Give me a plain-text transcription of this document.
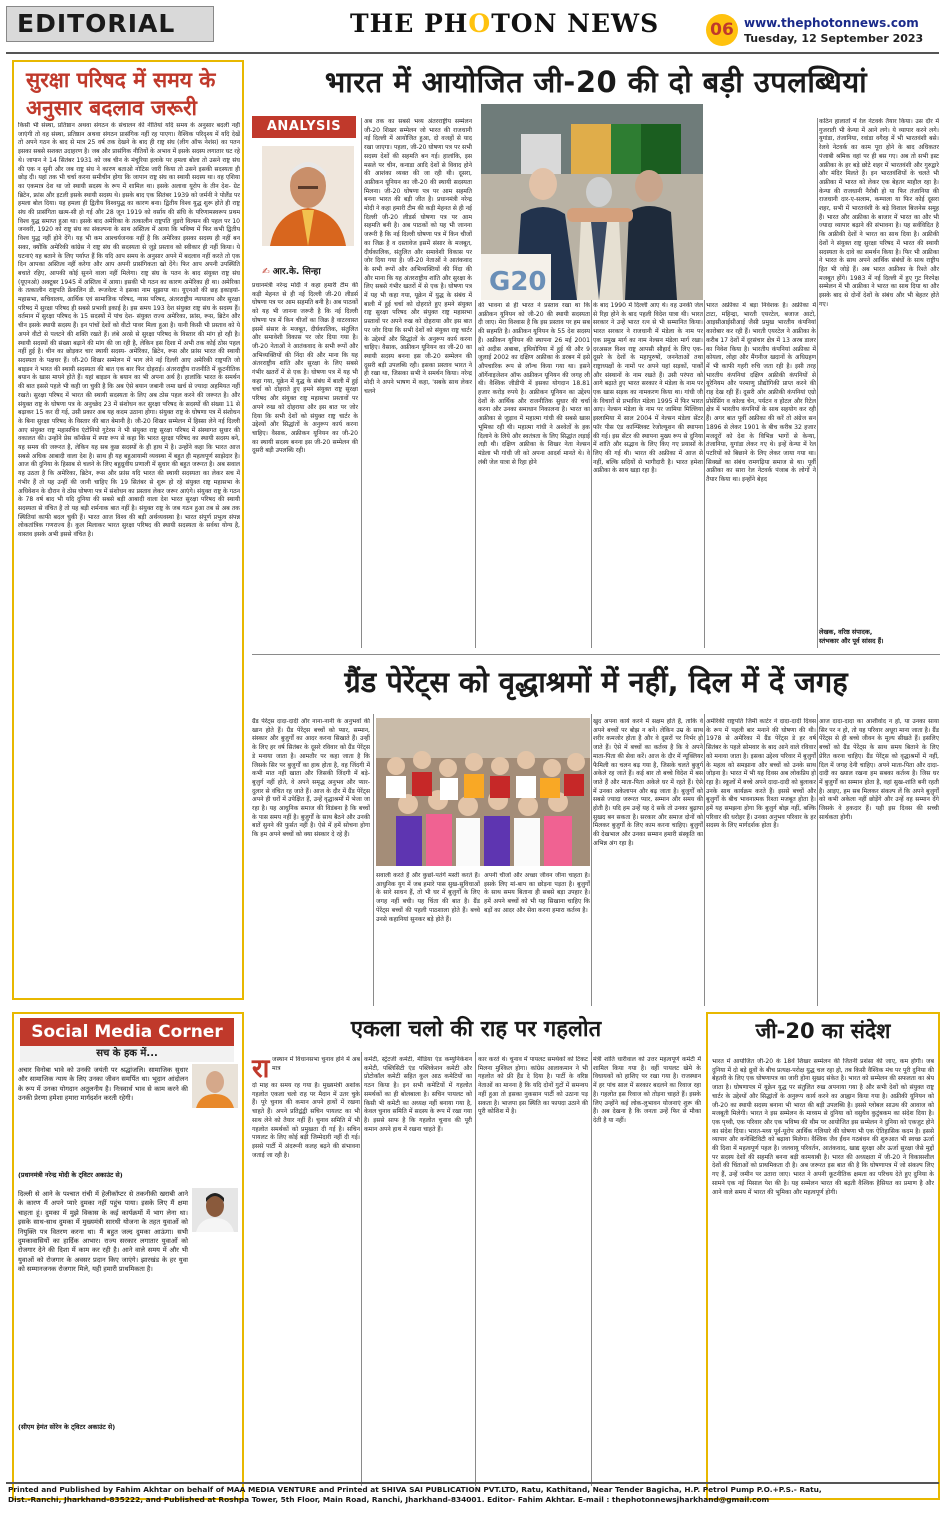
EDITORIAL	THE PHOTON NEWS	06 www.thephotonnews.com
Tuesday, 12 September 2023
सुरक्षा परिषद में समय के अनुसार बदलाव जरूरी
किसी भी संस्था, प्रतिष्ठान अथवा संगठन के संचालन की नीतियां यदि समय के अनुसार बदली नहीं जाएंगी तो वह संस्था, प्रतिष्ठान अथवा संगठन प्रासंगिक नहीं रह पाएगा। वैश्विक परिदृश्य में यदि देखें तो अपने गठन के बाद से मात्र 25 वर्ष तक देखने के बाद ही राष्ट्र संघ (लीग ऑफ नेशंस) का पतन इसका सबसे सशक्त उदाहरण है। जब और प्रासंगिक नीतियों के अभाव में इसके सदस्य लगातार घट रहे थे। जापान ने 14 सितंबर 1931 को जब चीन के मंचूरिया इलाके पर हमला बोला तो उसने राष्ट्र संघ की एक न सुनी और जब राष्ट्र संघ ने कारण बताओ नोटिस जारी किया तो उसने इसकी सदस्यता ही छोड़ दी। यहां तक भी चर्चा करना समीचीन होगा कि जापान राष्ट्र संघ का स्थायी सदस्य था। वह एशिया का एकमात्र देश था जो स्थायी सदस्य के रूप में शामिल था। इसके अलावा यूरोप के तीन देश- ग्रेट ब्रिटेन, फ्रांस और इटली इसके स्थायी सदस्य थे। इसके बाद एक सितंबर 1939 को जर्मनी ने पोलैंड पर हमला बोल दिया। यह हमला ही द्वितीय विश्वयुद्ध का कारण बना। द्वितीय विश्व युद्ध शुरू होते ही राष्ट्र संघ की प्रासंगिता खत्म-सी हो गई और 28 जून 1919 को वर्साय की संधि के परिणामस्वरूप प्रथम विश्व युद्ध समाप्त हुआ था। इसके बाद अमेरिका के तत्कालीन राष्ट्रपति वुडरो विल्सन की पहल पर 10 जनवरी, 1920 को राष्ट्र संघ का संकल्पना के साथ अस्तित्व में आया कि भविष्य में फिर कभी द्वितीय विश्व युद्ध नहीं होने देंगे। यह भी कम आश्चर्यजनक नहीं है कि अमेरिका इसका सदस्य ही नहीं बन सका, क्योंकि अमेरिकी कांग्रेस ने राष्ट्र संघ की सदस्यता से जुड़े प्रस्ताव को स्वीकार ही नहीं किया। ये घटनाएं यह बताने के लिए पर्याप्त हैं कि यदि आप समय के अनुसार अपने में बदलाव नहीं करते तो एक दिन आपका अस्तित्व नहीं करेगा और आप अपनी प्रासंगिकता खो देंगे। फिर आप अपनी उपस्थिति बचाते रहिए, आपकी कोई सुनने वाला नहीं मिलेगा। राष्ट्र संघ के पतन के बाद संयुक्त राष्ट्र संघ (यूएनओ) अक्टूबर 1945 में अस्तित्व में आया। इसकी भी गठन का कारण अमेरिका ही था। अमेरिका के तत्कालीन राष्ट्रपति फ्रेंकलिन डी. रूजवेल्ट ने इसका नाम सुझाया था। यूएनओ की छह इकाइयां- महासभा, सचिवालय, आर्थिक एवं सामाजिक परिषद, न्यास परिषद, अंतरराष्ट्रीय न्यायालय और सुरक्षा परिषद में सुरक्षा परिषद ही सबसे प्रभावी इकाई है। इस समय 193 देश संयुक्त राष्ट्र संघ के सदस्य हैं। वर्तमान में सुरक्षा परिषद के 15 सदस्यों में पांच देश- संयुक्त राज्य अमेरिका, फ्रांस, रूस, ब्रिटेन और चीन इसके स्थायी सदस्य हैं। इन पांचों देशों को वीटो पावर मिला हुआ है। यानी किसी भी प्रस्ताव को ये अपने वीटो से पलटने की शक्ति रखते हैं। लंबे अरसे से सुरक्षा परिषद के विस्तार की मांग हो रही है। स्थायी सदस्यों की संख्या बढ़ाने की मांग की जा रही है, लेकिन इस दिशा में अभी तक कोई ठोस पहल नहीं हुई है। चीन का छोड़कर चार स्थायी सदस्य- अमेरिका, ब्रिटेन, रूस और फ्रांस भारत की स्थायी सदस्यता के पक्षधर हैं। जी-20 शिखर सम्मेलन में भाग लेने नई दिल्ली आए अमेरिकी राष्ट्रपति जो बाइडन ने भारत की स्थायी सदस्यता की बात एक बार फिर दोहराई। अंतरराष्ट्रीय राजनीति में कूटनीतिक बयान के खास मायने होते हैं। यहां बाइडन के बयान का भी अपना अर्थ है। हालांकि भारत के समर्थन की बात इससे पहले भी कही जा चुकी है कि अब ऐसे बयान जबानी जमा खर्च से ज्यादा अहमियत नहीं रखते। सुरक्षा परिषद में भारत की स्थायी सदस्यता के लिए अब ठोस पहल करने की जरूरत है। और संयुक्त राष्ट्र के घोषणा पत्र के अनुच्छेद 23 में संशोधन कर सुरक्षा परिषद के सदस्यों की संख्या 11 से बढ़ाकर 15 कर दी गई, उसी प्रकार अब यह कदम उठाना होगा। संयुक्त राष्ट्र के घोषणा पत्र में संशोधन के बिना सुरक्षा परिषद के विस्तार की बात बेमानी है। जी-20 शिखर सम्मेलन में हिस्सा लेने नई दिल्ली आए संयुक्त राष्ट्र महासचिव एंटोनियो गुटेरस ने भी संयुक्त राष्ट्र सुरक्षा परिषद में संस्थागत सुधार की वकालत की। उन्होंने प्रेस कॉन्फ्रेंस में स्पष्ट रूप से कहा कि भारत सुरक्षा परिषद का स्थायी सदस्य बने, यह समय की जरूरत है, लेकिन यह सब कुछ सदस्यों के ही हाथ में है। उन्होंने कहा कि भारत आज सबसे अधिक आबादी वाला देश है। साथ ही यह बहुआयामी व्यवस्था में बहुत ही महत्वपूर्ण साझेदार है। आज की दुनिया के हिसाब से चलने के लिए बहुध्रुवीय प्रणाली में सुधार की बहुत जरूरत है। अब सवाल यह उठता है कि अमेरिका, ब्रिटेन, रूस और फ्रांस यदि भारत की स्थायी सदस्यता का लेकर सच में गंभीर हैं तो यह उन्हीं की जानी चाहिए कि 19 सितंबर से शुरू हो रहे संयुक्त राष्ट्र महासभा के अधिवेशन के दौरान वे ठोस घोषणा पत्र में संशोधन का प्रस्ताव लेकर जरूर आएंगे। संयुक्त राष्ट्र के गठन के 78 वर्ष बाद भी यदि दुनिया की सबसे बड़ी आबादी वाला देश भारत सुरक्षा परिषद की स्थायी सदस्यता से वंचित है तो यह बड़ी शर्मनाक बात नहीं है। संयुक्त राष्ट्र के जब गठन हुआ तब से अब तक स्थितियां काफी बदल चुकी हैं। भारत आज विश्व की बड़ी अर्थव्यवस्था है। भारत संपूर्ण प्रभुत्व संपन्न लोकतांत्रिक गणराज्य है। कुल मिलाकर भारत सुरक्षा परिषद की स्थायी सदस्यता के सर्वथा योग्य है, वास्तव इसके अभी इससे वंचित है।
भारत में आयोजित जी-20 की दो बड़ी उपलब्धियां
ANALYSIS
✍ आर.के. सिन्हा	G20
प्रधानमंत्री नरेन्द्र मोदी ने कहा हमारी टीम की कड़ी मेहनत से ही नई दिल्ली जी-20 लीडर्स घोषणा पत्र पर आम सहमति बनी है। अब पाठकों को यह भी जानना जरूरी है कि नई दिल्ली घोषणा पत्र में किन चीजों का जिक्र है वाटरवास्त इसमें संसार के मजबूत, दीर्घकालिक, संतुलित और समावेशी विकास पर जोर दिया गया है। जी-20 नेताओं ने आतंकवाद के सभी रूपों और अभिव्यक्तियों की निंदा की और माना कि यह अंतरराष्ट्रीय शांति और सुरक्षा के लिए सबसे गंभीर खतरों में से एक है। घोषणा पत्र में यह भी कहा गया, यूक्रेन में युद्ध के संबंध में बाली में हुई चर्चा को दोहराते हुए हमने संयुक्त राष्ट्र सुरक्षा परिषद और संयुक्त राष्ट्र महासभा प्रस्तावों पर अपने रुख को दोहराया और इस बात पर जोर दिया कि सभी देशों को संयुक्त राष्ट्र चार्टर के उद्देश्यों और सिद्धांतों के अनुरूप कार्य करना चाहिए। वैसाक, अफ्रीकन यूनियन का जी-20 का स्थायी सदस्य बनना इस जी-20 सम्मेलन की दूसरी बड़ी उपलब्धि रही।
अब तक का सबसे भव्य अंतरराष्ट्रीय सम्मेलन जी-20 शिखर सम्मेलन जो भारत की राजधानी नई दिल्ली में आयोजित हुआ, दो वजहों से याद रखा जाएगा। पहला, जी-20 घोषणा पत्र पर सभी सदस्य देशों की सहमति बन गई। हालांकि, इस मसले पर चीन, कनाडा आदि देशों से विवाद होने की आशंका व्यक्त की जा रही थी। दूसरा, अफ्रीकन यूनियन का जी-20 की स्थायी सदस्यता मिलना। जी-20 घोषणा पत्र पर आम सहमति बनना भारत की बड़ी जीत है। प्रधानमंत्री नरेन्द्र मोदी ने कहा हमारी टीम की कड़ी मेहनत से ही नई दिल्ली जी-20 लीडर्स घोषणा पत्र पर आम सहमति बनी है। अब पाठकों को यह भी जानना जरूरी है कि नई दिल्ली घोषणा पत्र में किन चीजों का जिक्र है व दस्तावेज इसमें संसार के मजबूत, दीर्घकालिक, संतुलित और समावेशी विकास पर जोर दिया गया है। जी-20 नेताओं ने आतंकवाद के सभी रूपों और अभिव्यक्तियों की निंदा की और माना कि यह अंतरराष्ट्रीय शांति और सुरक्षा के लिए सबसे गंभीर खतरों में से एक है। घोषणा पत्र में यह भी कहा गया, यूक्रेन में युद्ध के संबंध में बाली में हुई चर्चा को दोहराते हुए हमने संयुक्त राष्ट्र सुरक्षा परिषद और संयुक्त राष्ट्र महासभा प्रस्तावों पर अपने रुख को दोहराया और इस बात पर जोर दिया कि सभी देशों को संयुक्त राष्ट्र चार्टर के उद्देश्यों और सिद्धांतों के अनुरूप कार्य करना चाहिए। वैसाक, अफ्रीकन यूनियन का जी-20 का स्थायी सदस्य बनना इस जी-20 सम्मेलन की दूसरी बड़ी उपलब्धि रही। इसका प्रस्ताव भारत ने ही रखा था, जिसका सभी ने समर्थन किया। नरेन्द्र मोदी ने अपने भाषण में कहा, 'सबके साथ लेकर चलने
की भावना से ही भारत ने प्रस्ताव रखा था कि अफ्रीकन यूनियन को जी-20 की स्थायी सदस्यता दी जाए। मेरा विश्वास है कि इस प्रस्ताव पर हम सब की सहमति है। अफ्रीकन यूनियन के 55 देश सदस्य हैं। अफ्रीकन यूनियन की स्थापना 26 मई 2001 को अदीस अबाबा, इथियोपिया में हुई थी और 9 जुलाई 2002 का दक्षिण अफ्रीका के डरबन में इसे औपचारिक रूप से लॉन्च किया गया था। इसने ऑर्गेनाइजेशन ऑफ अफ्रीकन यूनियन की जगह ली थी। वैश्विक जीडीपी में इसका योगदान 18.81 हजार करोड़ रुपये है। अफ्रीकन यूनियन का उद्देश्य देशों के आर्थिक और राजनीतिक सुधार की चर्चा करना और उनका समाधान निकालना है। भारत का अफ्रीका से जुड़ाव में महात्मा गांधी की सबसे खास भूमिका रही थी। महात्मा गांधी ने अश्वेतों के हक दिलाने के लिये और स्वतंत्रता के लिए सिद्धांत लड़ाई लड़ी थी। दक्षिण अफ्रीका के शिखर नेता नेल्सन मंडेला भी गांधी जी को अपना आदर्श मानते थे। वे लंबी जेल यात्रा से रिहा होने
के बाद 1990 में दिल्ली आए थे। वह उनकी जेल से रिहा होने के बाद पहली विदेश यात्रा थी। भारत सरकार ने उन्हें भारत रत्न से भी सम्मानित किया। भारत सरकार ने राजधानी में मंडेला के नाम पर एक प्रमुख मार्ग का नाम नेल्सन मंडेला मार्ग रखा। दरअसल विश्व राष्ट्र आपसी सौहार्द के लिए एक-दूसरे के देशों के महापुरुषों, जननेताओं तथा राष्ट्राध्यक्षों के नामों पर अपने यहां सड़कों, पार्कों और संस्थानों के नाम रखते हैं। उसी परंपरा को आगे बढ़ाते हुए भारत सरकार ने मंडेला के नाम पर एक खास सड़क का नामकरण किया था। गांधी जी के विचारों से प्रभावित मंडेला 1995 में फिर भारत आए। नेल्सन मंडेला के नाम पर जामिया मिल्लिया इस्लामिया में साल 2004 में नेल्सन मंडेला सेंटर फॉर पीस एंड कान्फ्लिक्ट रेजोल्यूशन की स्थापना की गई। इस सेंटर की स्थापना मुख्य रूप से दुनिया में शांति और सद्भाव के लिए किए गए प्रयासों के लिए की गई थी। भारत की अफ्रीका में आज से नहीं, बल्कि सदियों से भागीदारी है। भारत हमेशा अफ्रीका के साथ खड़ा रहा है।
भारत अफ्रीका में बड़ा निवेशक है। अफ्रीका में टाटा, महिन्द्रा, भारती एयरटेल, बजाज आटो, आइसीआईसीआई जैसी प्रमुख भारतीय कंपनियां कारोबार कर रही हैं। भारती एयरटेल ने अफ्रीका के करीब 17 देशों में दूरसंचार क्षेत्र में 13 अरब डालर का निवेश किया है। भारतीय कंपनियां अफ्रीका में कोयला, लोहा और मैंगनीज खदानों के अधिग्रहण में भी काफी गहरी रुचि जता रही है। इसी तरह भारतीय कंपनियां दक्षिण अफ्रीकी कंपनियों से यूरेनियम और परमाणु प्रौद्योगिकी प्राप्त करने की राह देख रही हैं। दूसरी ओर अफ्रीकी कंपनियां एग्रो प्रोसेसिंग व कोल्ड चेन, पर्यटन व होटल और रिटेल क्षेत्र में भारतीय कंपनियों के साथ सहयोग कर रही हैं। अगर बात पूर्वी अफ्रीका की करें तो अंग्रेज सन 1896 से लेकर 1901 के बीच करीब 32 हजार मजदूरों को देश के विभिन्न भागों से केन्या, तंजानिया, युगांडा लेकर गए थे। इन्हें केन्या में रेल पटरियों को बिछाने के लिए लेकर जाया गया था। सिक्खों का संबंध रामगढ़िया समाज से था। पूर्वी अफ्रीका का सारा रेल नेटवर्क पंजाब के लोगों ने तैयार किया था। इन्होंने बेहद
कठिन हालातों में रेल नेटवर्क तैयार किया। उस दौर में गुजराती भी केन्या में आने लगे। ये व्यापार करने लगे। युगांडा, तंजानिया, रवांडा वगैरह में भी भारतवंशी बसे। रेलवे नेटवर्क का काम पूरा होने के बाद अधिकतर पंजाबी श्रमिक वहां पर ही बस गए। अब तो सभी इस्ट अफ्रीका के हर बड़े छोटे शहर में भारतवंशी और गुरुद्वारे और मंदिर मिलते हैं। इन भारतवंशियों के चलते भी अफ्रीका में भारत को लेकर एक बेहतर माहौल रहा है। केन्या की राजधानी नैरोबी हो या फिर तंजानिया की राजधानी दार-ए-सलाम, कम्पाला या फिर कोई दूसरा शहर, सभी में भारतवंशी के बड़े विशाल बिजनेस समूह हैं। भारत और अफ्रीका के बाजार में भारत का और भी ज्यादा व्यापार बढ़ाने की संभावना है। यह सर्वविदित है कि अफ्रीकी देशों ने भारत का साथ दिया है। अफ्रीकी देशों ने संयुक्त राष्ट्र सुरक्षा परिषद में भारत की स्थायी सदस्यता के दावे का समर्थन किया है। फिर भी अफ्रीका ने भारत के साथ अपने आर्थिक संबंधों के साथ राष्ट्रीय हित भी जोड़े हैं। अब भारत अफ्रीका के रिश्ते और मजबूत होंगे। 1983 में नई दिल्ली में हुए गुट निरपेक्ष सम्मेलन में भी अफ्रीका ने भारत का साथ दिया था और इसके बाद से दोनों देशों के संबंध और भी बेहतर होते गए।
लेखक, वरिष्ठ संपादक,
स्तंभकार और पूर्व सांसद हैं।
ग्रैंड पेरेंट्स को वृद्धाश्रमों में नहीं, दिल में दें जगह
ग्रैंड पेरेंट्स दादा-दादी और नाना-नानी के अनुभवों की खान होते हैं। ग्रैंड पेरेंट्स बच्चों को प्यार, सम्मान, संस्कार और बुजुर्गों का आदर करना सिखाते हैं। उन्हीं के लिए हर वर्ष सितंबर के दूसरे रविवार को ग्रैंड पेरेंट्स डे मनाया जाता है। आमतौर पर कहा जाता है कि जिसके सिर पर बुजुर्गों का हाथ होता है, वह जिंदगी में कभी मात नहीं खाता और जिसकी जिंदगी में बड़े-बुजुर्ग नहीं होते, वे अपने समृद्ध अनुभव और प्यार-दुलार से वंचित रह जाते हैं। आज के दौर में ग्रैंड पेरेंट्स अपने ही घरों में उपेक्षित हैं, उन्हें वृद्धाश्रमों में भेजा जा रहा है। यह आधुनिक समाज की विडंबना है कि बच्चों के पास समय नहीं है। बुजुर्गों के साथ बैठने और उनकी बातें सुनने की फुर्सत नहीं है। ऐसे में हमें सोचना होगा कि हम अपने बच्चों को क्या संस्कार दे रहे हैं।
सवाली करते हैं और कुछो-पतंगें मस्ती करते हैं। आधुनिक युग में जब हमारे पास सुख-सुविधाओं के सारे साधन हैं, तो भी घर में बुजुर्गों के लिए जगह नहीं बची। यह चिंता की बात है। ग्रैंड पेरेंट्स बच्चों की पहली पाठशाला होते हैं। बच्चे उनसे कहानियां सुनकर बड़े होते हैं।
अपनी चीजों और अच्छा जीवन जीना चाहता है। इसके लिए मां-बाप का छोड़ना पड़ता है। बुजुर्गों के साथ समय बिताना ही सबसे बड़ा उपहार है। हमें अपने बच्चों को भी यह सिखाना चाहिए कि बड़ों का आदर और सेवा करना हमारा कर्तव्य है।
खुद अपना कार्य करने में सक्षम होते हैं, ताकि वे अपने बच्चों पर बोझ न बनें। लेकिन उम्र के साथ शरीर कमजोर होता है और वे दूसरों पर निर्भर हो जाते हैं। ऐसे में बच्चों का कर्तव्य है कि वे अपने माता-पिता की सेवा करें। आज के दौर में न्यूक्लियर फैमिली का चलन बढ़ गया है, जिसके चलते बुजुर्ग अकेले रह जाते हैं। कई बार तो बच्चे विदेश में बस जाते हैं और माता-पिता अकेले घर में रहते हैं। ऐसे में उनका अकेलापन और बढ़ जाता है। बुजुर्गों को सबसे ज्यादा जरूरत प्यार, सम्मान और समय की होती है। यदि हम उन्हें यह दे सकें तो उनका बुढ़ापा सुखद बन सकता है। सरकार और समाज दोनों को मिलकर बुजुर्गों के लिए काम करना चाहिए। बुजुर्गों की देखभाल और उनका सम्मान हमारी संस्कृति का अभिन्न अंग रहा है।
अमेरिकी राष्ट्रपति जिमी कार्टर ने दादा-दादी दिवस के रूप में पहली बार मनाने की घोषणा की थी। 1978 से अमेरिका में ग्रैंड पेरेंट्स डे हर वर्ष सितंबर के पहले सोमवार के बाद आने वाले रविवार को मनाया जाता है। इसका उद्देश्य परिवार में बुजुर्गों के महत्व को समझाना और बच्चों को उनके साथ जोड़ना है। भारत में भी यह दिवस अब लोकप्रिय हो रहा है। स्कूलों में बच्चे अपने दादा-दादी को बुलाकर उनके साथ कार्यक्रम करते हैं। इससे बच्चों और बुजुर्गों के बीच भावनात्मक रिश्ता मजबूत होता है। हमें यह समझना होगा कि बुजुर्ग बोझ नहीं, बल्कि परिवार की धरोहर हैं। उनका अनुभव परिवार के हर सदस्य के लिए मार्गदर्शक होता है।
आज दादा-दादा का आशीर्वाद न हो, या उनका साया सिर पर न हो, तो यह परिवार अधूरा माना जाता है। ग्रैंड पेरेंट्स से ही बच्चे जीवन के मूल्य सीखते हैं। इसलिए बच्चों को ग्रैंड पेरेंट्स के साथ समय बिताने के लिए प्रेरित करना चाहिए। ग्रैंड पेरेंट्स को वृद्धाश्रमों में नहीं, दिल में जगह देनी चाहिए। अपने माता-पिता और दादा-दादी का ख्याल रखना हम सबका कर्तव्य है। जिस घर में बुजुर्गों का सम्मान होता है, वहां सुख-शांति बनी रहती है। आइए, हम सब मिलकर संकल्प लें कि अपने बुजुर्गों को कभी अकेला नहीं छोड़ेंगे और उन्हें वह सम्मान देंगे जिसके वे हकदार हैं। यही इस दिवस की सच्ची सार्थकता होगी।
Social Media Corner
सच के हक में...
अचार विनोबा भावे को उनकी जयंती पर श्रद्धांजलि। सामाजिक सुधार और सामाजिक न्याय के लिए उनका जीवन समर्पित था। भूदान आंदोलन के रूप में उनका योगदान अतुलनीय है। निःस्वार्थ भाव से काम करने की उनकी प्रेरणा हमेशा हमारा मार्गदर्शन करती रहेगी।
(प्रधानमंत्री नरेन्द्र मोदी के ट्विटर अकाउंट से)
दिल्ली से आने के पश्चात रांची में हेलीकॉप्टर से तकनीकी खराबी आने के कारण मैं अपने प्यारे दुमका नहीं पहुंच पाया। इसके लिए मैं क्षमा चाहता हूं। दुमका में मुझे विकास के कई कार्यक्रमों में भाग लेना था। इसके साथ-साथ दुमका में मुख्यमंत्री सारथी योजना के तहत युवाओं को नियुक्ति पत्र वितरण करना था। मैं बहुत जल्द दुमका आऊंगा। सभी दुमकावासियों का हार्दिक आभार। राज्य सरकार लगातार युवाओं को रोजगार देने की दिशा में काम कर रही है। आने वाले समय में और भी युवाओं को रोजगार के अवसर प्रदान किए जाएंगे। झारखंड के हर युवा को सम्मानजनक रोजगार मिले, यही हमारी प्राथमिकता है।
(सीएम हेमंत सोरेन के ट्विटर अकाउंट से)
एकला चलो की राह पर गहलोत
रा जस्थान में विधानसभा चुनाव होने में अब मात्र
दो माह का समय रह गया है। मुख्यमंत्री अशोक गहलोत एकला चलो राह पर मैदान में उतर चुके हैं। पूरे चुनाव की कमान अपने हाथों में रखना चाहते हैं। अपने प्रतिद्वंद्वी सचिन पायलट का भी साथ लेने को तैयार नहीं हैं। चुनाव समिति में भी गहलोत समर्थकों को प्रमुखता दी गई है। सचिन पायलट के लिए कोई बड़ी जिम्मेदारी नहीं दी गई। इससे पार्टी में अंदरूनी कलह बढ़ने की संभावना जताई जा रही है।
कमेटी, स्ट्रेटजी कमेटी, मीडिया एंड कम्युनिकेशन कमेटी, पब्लिसिटी एंड पब्लिकेशन कमेटी और प्रोटोकॉल कमेटी सहित कुल आठ कमेटियों का गठन किया है। इन सभी कमेटियों में गहलोत समर्थकों का ही बोलबाला है। सचिन पायलट को किसी भी कमेटी का अध्यक्ष नहीं बनाया गया है, केवल चुनाव समिति में सदस्य के रूप में रखा गया है। इससे साफ है कि गहलोत चुनाव की पूरी कमान अपने हाथ में रखना चाहते हैं।
कार करते थे। चुनाव में पायलट समर्थकों को टिकट मिलना मुश्किल होगा। कांग्रेस आलाकमान ने भी गहलोत को फ्री हैंड दे दिया है। पार्टी के वरिष्ठ नेताओं का मानना है कि यदि दोनों गुटों में समन्वय नहीं हुआ तो इसका नुकसान पार्टी को उठाना पड़ सकता है। भाजपा इस स्थिति का फायदा उठाने की पूरी कोशिश में है।
मंत्री शांति धारीवाल को उत्तर महत्वपूर्ण कमेटी में शामिल किया गया है। वहीं पायलट खेमे के विधायकों को हाशिए पर रखा गया है। राजस्थान में हर पांच साल में सरकार बदलने का रिवाज रहा है। गहलोत इस रिवाज को तोड़ना चाहते हैं। इसके लिए उन्होंने कई लोक-लुभावन योजनाएं शुरू की हैं। अब देखना है कि जनता उन्हें फिर से मौका देती है या नहीं।
जी-20 का संदेश
भारत में आयोजित जी-20 के 18वें शिखर सम्मेलन की जितनी प्रशंसा की जाए, कम होगी। जब दुनिया में दो बड़े ध्रुवों के बीच प्रत्यक्ष-परोक्ष युद्ध चल रहा हो, तब किसी वैश्विक मंच पर पूरी दुनिया की बेहतरी के लिए एक घोषणापत्र का जारी होना सुखद संकेत है। भारत को सम्मेलन की सफलता का श्रेय जाता है। घोषणापत्र में यूक्रेन युद्ध पर संतुलित रुख अपनाया गया है और सभी देशों को संयुक्त राष्ट्र चार्टर के उद्देश्यों और सिद्धांतों के अनुरूप कार्य करने का आह्वान किया गया है। अफ्रीकी यूनियन को जी-20 का स्थायी सदस्य बनाना भी भारत की बड़ी उपलब्धि है। इससे ग्लोबल साउथ की आवाज को मजबूती मिलेगी। भारत ने इस सम्मेलन के माध्यम से दुनिया को वसुधैव कुटुंबकम का संदेश दिया है। एक पृथ्वी, एक परिवार और एक भविष्य की थीम पर आयोजित इस सम्मेलन ने दुनिया को एकजुट होने का संदेश दिया। भारत-मध्य पूर्व-यूरोप आर्थिक गलियारे की घोषणा भी एक ऐतिहासिक कदम है। इससे व्यापार और कनेक्टिविटी को बढ़ावा मिलेगा। वैश्विक जैव ईंधन गठबंधन की शुरुआत भी स्वच्छ ऊर्जा की दिशा में महत्वपूर्ण पहल है। जलवायु परिवर्तन, आतंकवाद, खाद्य सुरक्षा और ऊर्जा सुरक्षा जैसे मुद्दों पर सदस्य देशों की सहमति बनना बड़ी कामयाबी है। भारत की अध्यक्षता में जी-20 ने विकासशील देशों की चिंताओं को प्राथमिकता दी है। अब जरूरत इस बात की है कि घोषणापत्र में जो संकल्प लिए गए हैं, उन्हें जमीन पर उतारा जाए। भारत ने अपनी कूटनीतिक क्षमता का परिचय देते हुए दुनिया के सामने एक नई मिसाल पेश की है। यह सम्मेलन भारत की बढ़ती वैश्विक हैसियत का प्रमाण है और आने वाले समय में भारत की भूमिका और महत्वपूर्ण होगी।
Printed and Published by Fahim Akhtar on behalf of MAA MEDIA VENTURE and Printed at SHIVA SAI PUBLICATION PVT.LTD, Ratu, Kathitand, Near Tender Bagicha, H.P. Petrol Pump P.O.+P.S.- Ratu,
Dist.-Ranchi, Jharkhand-835222, and Published at Roshpa Tower, 5th Floor, Main Road, Ranchi, Jharkhand-834001. Editor- Fahim Akhtar. E-mail : thephotonnewsjharkhand@gmail.com
